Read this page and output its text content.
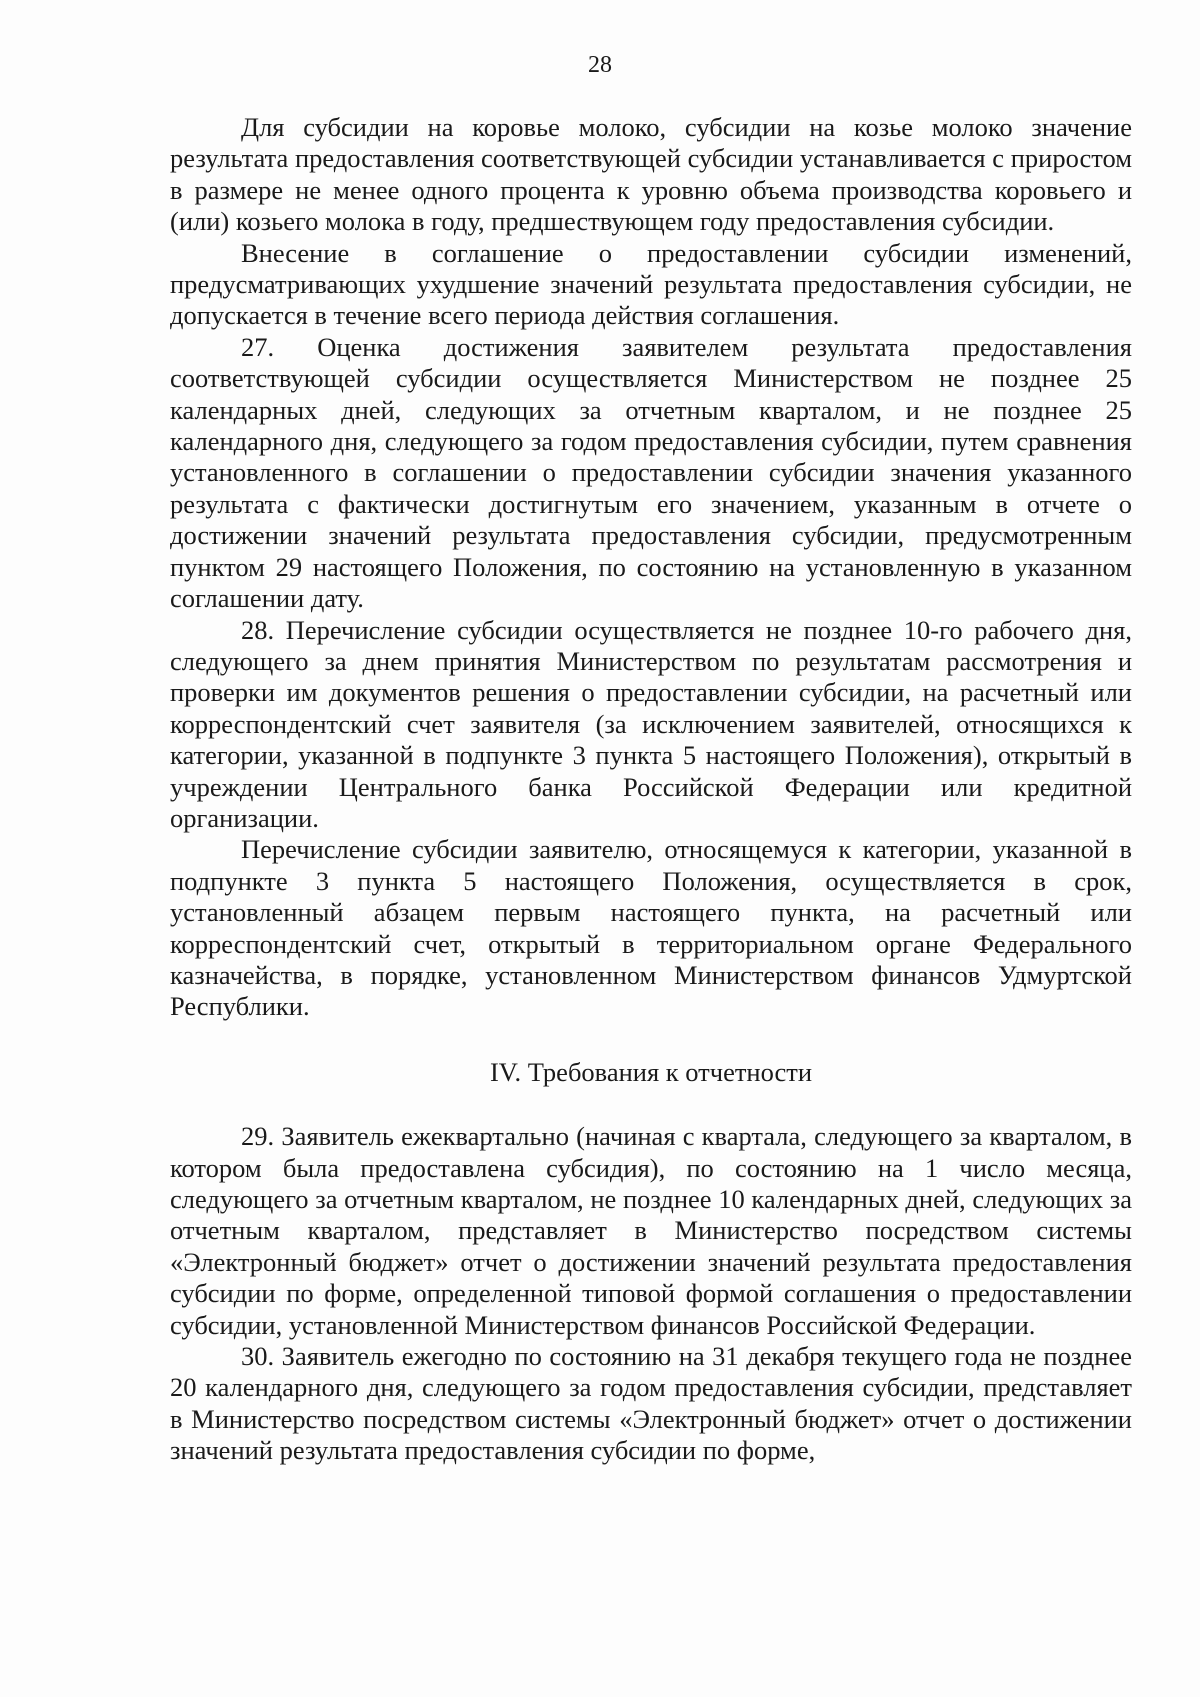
28

Для субсидии на коровье молоко, субсидии на козье молоко значение результата предоставления соответствующей субсидии устанавливается с приростом в размере не менее одного процента к уровню объема производства коровьего и (или) козьего молока в году, предшествующем году предоставления субсидии.

Внесение в соглашение о предоставлении субсидии изменений, предусматривающих ухудшение значений результата предоставления субсидии, не допускается в течение всего периода действия соглашения.

27. Оценка достижения заявителем результата предоставления соответствующей субсидии осуществляется Министерством не позднее 25 календарных дней, следующих за отчетным кварталом, и не позднее 25 календарного дня, следующего за годом предоставления субсидии, путем сравнения установленного в соглашении о предоставлении субсидии значения указанного результата с фактически достигнутым его значением, указанным в отчете о достижении значений результата предоставления субсидии, предусмотренным пунктом 29 настоящего Положения, по состоянию на установленную в указанном соглашении дату.

28. Перечисление субсидии осуществляется не позднее 10-го рабочего дня, следующего за днем принятия Министерством по результатам рассмотрения и проверки им документов решения о предоставлении субсидии, на расчетный или корреспондентский счет заявителя (за исключением заявителей, относящихся к категории, указанной в подпункте 3 пункта 5 настоящего Положения), открытый в учреждении Центрального банка Российской Федерации или кредитной организации.

Перечисление субсидии заявителю, относящемуся к категории, указанной в подпункте 3 пункта 5 настоящего Положения, осуществляется в срок, установленный абзацем первым настоящего пункта, на расчетный или корреспондентский счет, открытый в территориальном органе Федерального казначейства, в порядке, установленном Министерством финансов Удмуртской Республики.

IV. Требования к отчетности

29. Заявитель ежеквартально (начиная с квартала, следующего за кварталом, в котором была предоставлена субсидия), по состоянию на 1 число месяца, следующего за отчетным кварталом, не позднее 10 календарных дней, следующих за отчетным кварталом, представляет в Министерство посредством системы «Электронный бюджет» отчет о достижении значений результата предоставления субсидии по форме, определенной типовой формой соглашения о предоставлении субсидии, установленной Министерством финансов Российской Федерации.

30. Заявитель ежегодно по состоянию на 31 декабря текущего года не позднее 20 календарного дня, следующего за годом предоставления субсидии, представляет в Министерство посредством системы «Электронный бюджет» отчет о достижении значений результата предоставления субсидии по форме,
